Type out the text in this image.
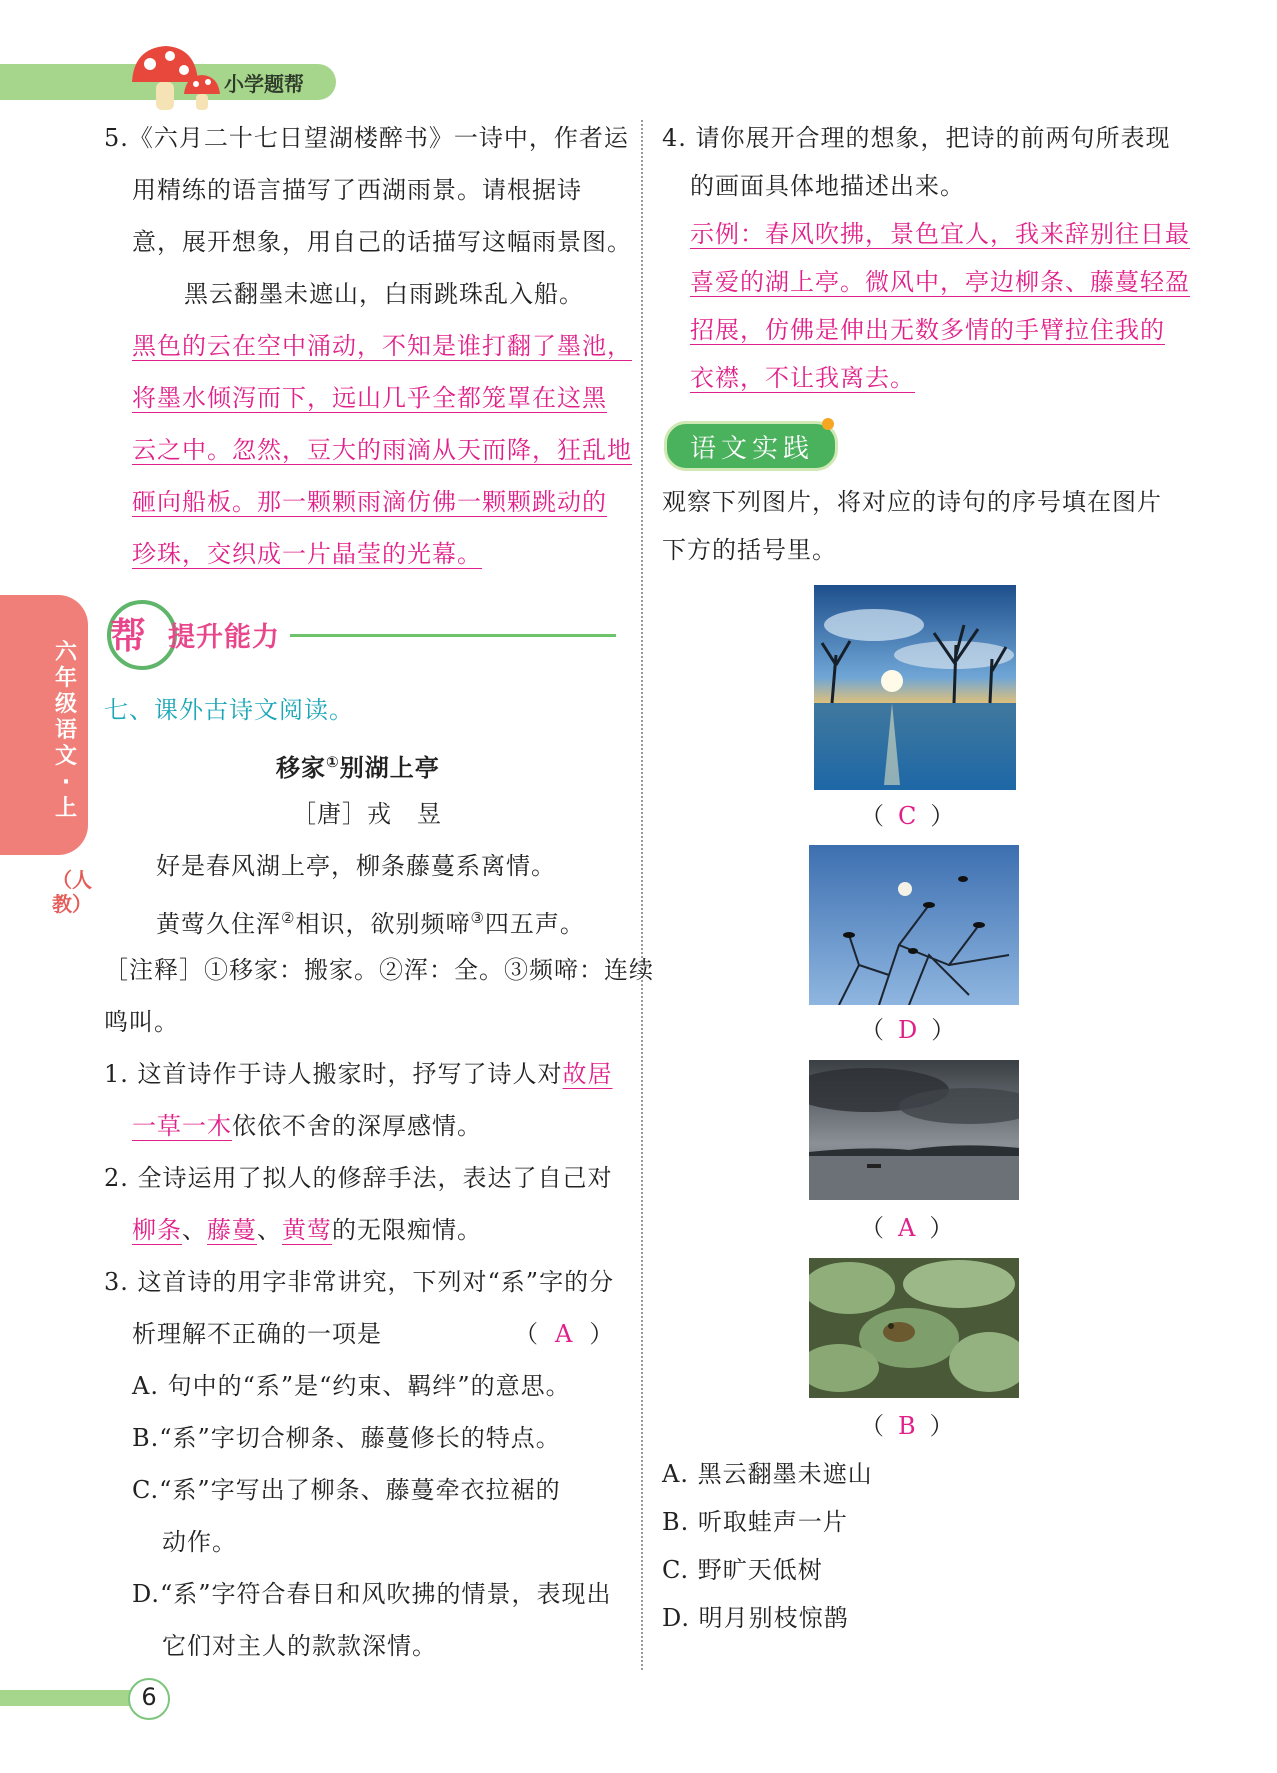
小学题帮
六年级语文·上
（人教）
5.《六月二十七日望湖楼醉书》一诗中，作者运
用精练的语言描写了西湖雨景。请根据诗
意，展开想象，用自己的话描写这幅雨景图。
黑云翻墨未遮山，白雨跳珠乱入船。
黑色的云在空中涌动，不知是谁打翻了墨池，
将墨水倾泻而下，远山几乎全都笼罩在这黑
云之中。忽然，豆大的雨滴从天而降，狂乱地
砸向船板。那一颗颗雨滴仿佛一颗颗跳动的
珍珠，交织成一片晶莹的光幕。
帮 提升能力
七、课外古诗文阅读。
移家①别湖上亭
［唐］戎　昱
好是春风湖上亭，柳条藤蔓系离情。
黄莺久住浑②相识，欲别频啼③四五声。
［注释］①移家：搬家。②浑：全。③频啼：连续
鸣叫。
1. 这首诗作于诗人搬家时，抒写了诗人对故居
一草一木依依不舍的深厚感情。
2. 全诗运用了拟人的修辞手法，表达了自己对
柳条、藤蔓、黄莺的无限痴情。
3. 这首诗的用字非常讲究，下列对“系”字的分
析理解不正确的一项是	（ A ）
A. 句中的“系”是“约束、羁绊”的意思。
B.“系”字切合柳条、藤蔓修长的特点。
C.“系”字写出了柳条、藤蔓牵衣拉裾的
动作。
D.“系”字符合春日和风吹拂的情景，表现出
它们对主人的款款深情。
4. 请你展开合理的想象，把诗的前两句所表现
的画面具体地描述出来。
示例：春风吹拂，景色宜人，我来辞别往日最
喜爱的湖上亭。微风中，亭边柳条、藤蔓轻盈
招展，仿佛是伸出无数多情的手臂拉住我的
衣襟，不让我离去。
语文实践
观察下列图片，将对应的诗句的序号填在图片
下方的括号里。
（ C ）
（ D ）
（ A ）
（ B ）
A. 黑云翻墨未遮山
B. 听取蛙声一片
C. 野旷天低树
D. 明月别枝惊鹊
6
